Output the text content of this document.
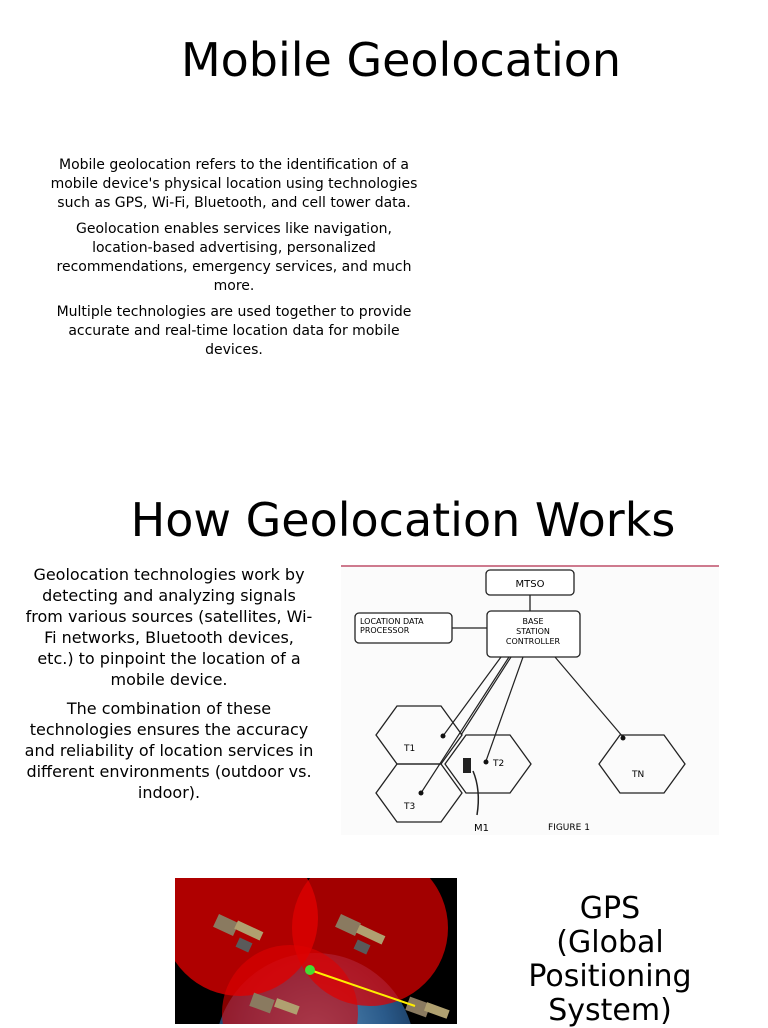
Mobile Geolocation

Mobile geolocation refers to the identification of a mobile device's physical location using technologies such as GPS, Wi-Fi, Bluetooth, and cell tower data.

Geolocation enables services like navigation, location-based advertising, personalized recommendations, emergency services, and much more.

Multiple technologies are used together to provide accurate and real-time location data for mobile devices.

How Geolocation Works

Geolocation technologies work by detecting and analyzing signals from various sources (satellites, Wi-Fi networks, Bluetooth devices, etc.) to pinpoint the location of a mobile device.

The combination of these technologies ensures the accuracy and reliability of location services in different environments (outdoor vs. indoor).

MTSO
LOCATION DATA
PROCESSOR
BASE
STATION
CONTROLLER
T1
T2
T3
TN
M1	FIGURE 1
GPS
(Global
Positioning
System)
